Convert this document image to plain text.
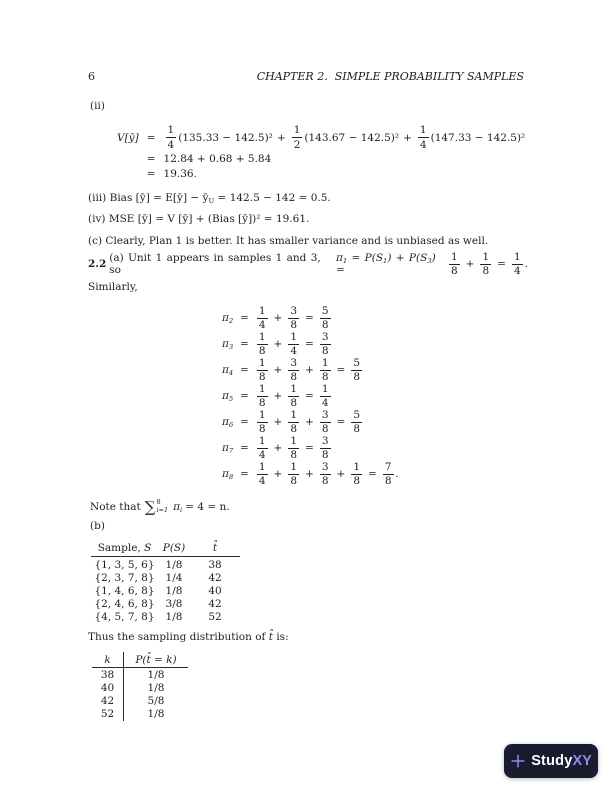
6	CHAPTER 2.  SIMPLE PROBABILITY SAMPLES
(ii)
V[ȳ] = $\frac{1}{4} (135.33 - 142.5)^2 + \frac{1}{2} (143.67 - 142.5)^2 + \frac{1}{4} (147.33 - 142.5)^2$
= 12.84 + 0.68 + 5.84
= 19.36.
(iii) Bias [ȳ] = E[ȳ] − $ȳ_U = 142.5 - 142 = 0.5$.
(iv) MSE [ȳ] = V [ȳ] + (Bias [ȳ])² = 19.61.
(c) Clearly, Plan 1 is better. It has smaller variance and is unbiased as well.
2.2 (a) Unit 1 appears in samples 1 and 3, so
$\pi_1 = P(S_1) + P(S_3)$ =	$\frac{1}{8} + \frac{1}{8} = \frac{1}{4}$ .
Similarly,
$\pi_2 = \frac{1}{4} + \frac{3}{8} = \frac{5}{8}$
$\pi_3 = \frac{1}{8} + \frac{1}{4} = \frac{3}{8}$
$\pi_4 = \frac{1}{8} + \frac{3}{8} + \frac{1}{8} = \frac{5}{8}$
$\pi_5 = \frac{1}{8} + \frac{1}{8} = \frac{1}{4}$
$\pi_6 = \frac{1}{8} + \frac{1}{8} + \frac{3}{8} = \frac{5}{8}$
$\pi_7 = \frac{1}{4} + \frac{1}{8} = \frac{3}{8}$
$\pi_8 = \frac{1}{4} + \frac{1}{8} + \frac{3}{8} + \frac{1}{8} = \frac{7}{8}$ .
Note that ∑ 8
i=1 $\pi_i = 4 = n$.
(b)
Sample, S	P(S)	t̂
{1, 3, 5, 6}	1/8	38
{2, 3, 7, 8}	1/4	42
{1, 4, 6, 8}	1/8	40
{2, 4, 6, 8}	3/8	42
{4, 5, 7, 8}	1/8	52
Thus the sampling distribution of t̂ is:
k	P(t̂ = k)
38	1/8
40	1/8
42	5/8
52	1/8
Study XY
